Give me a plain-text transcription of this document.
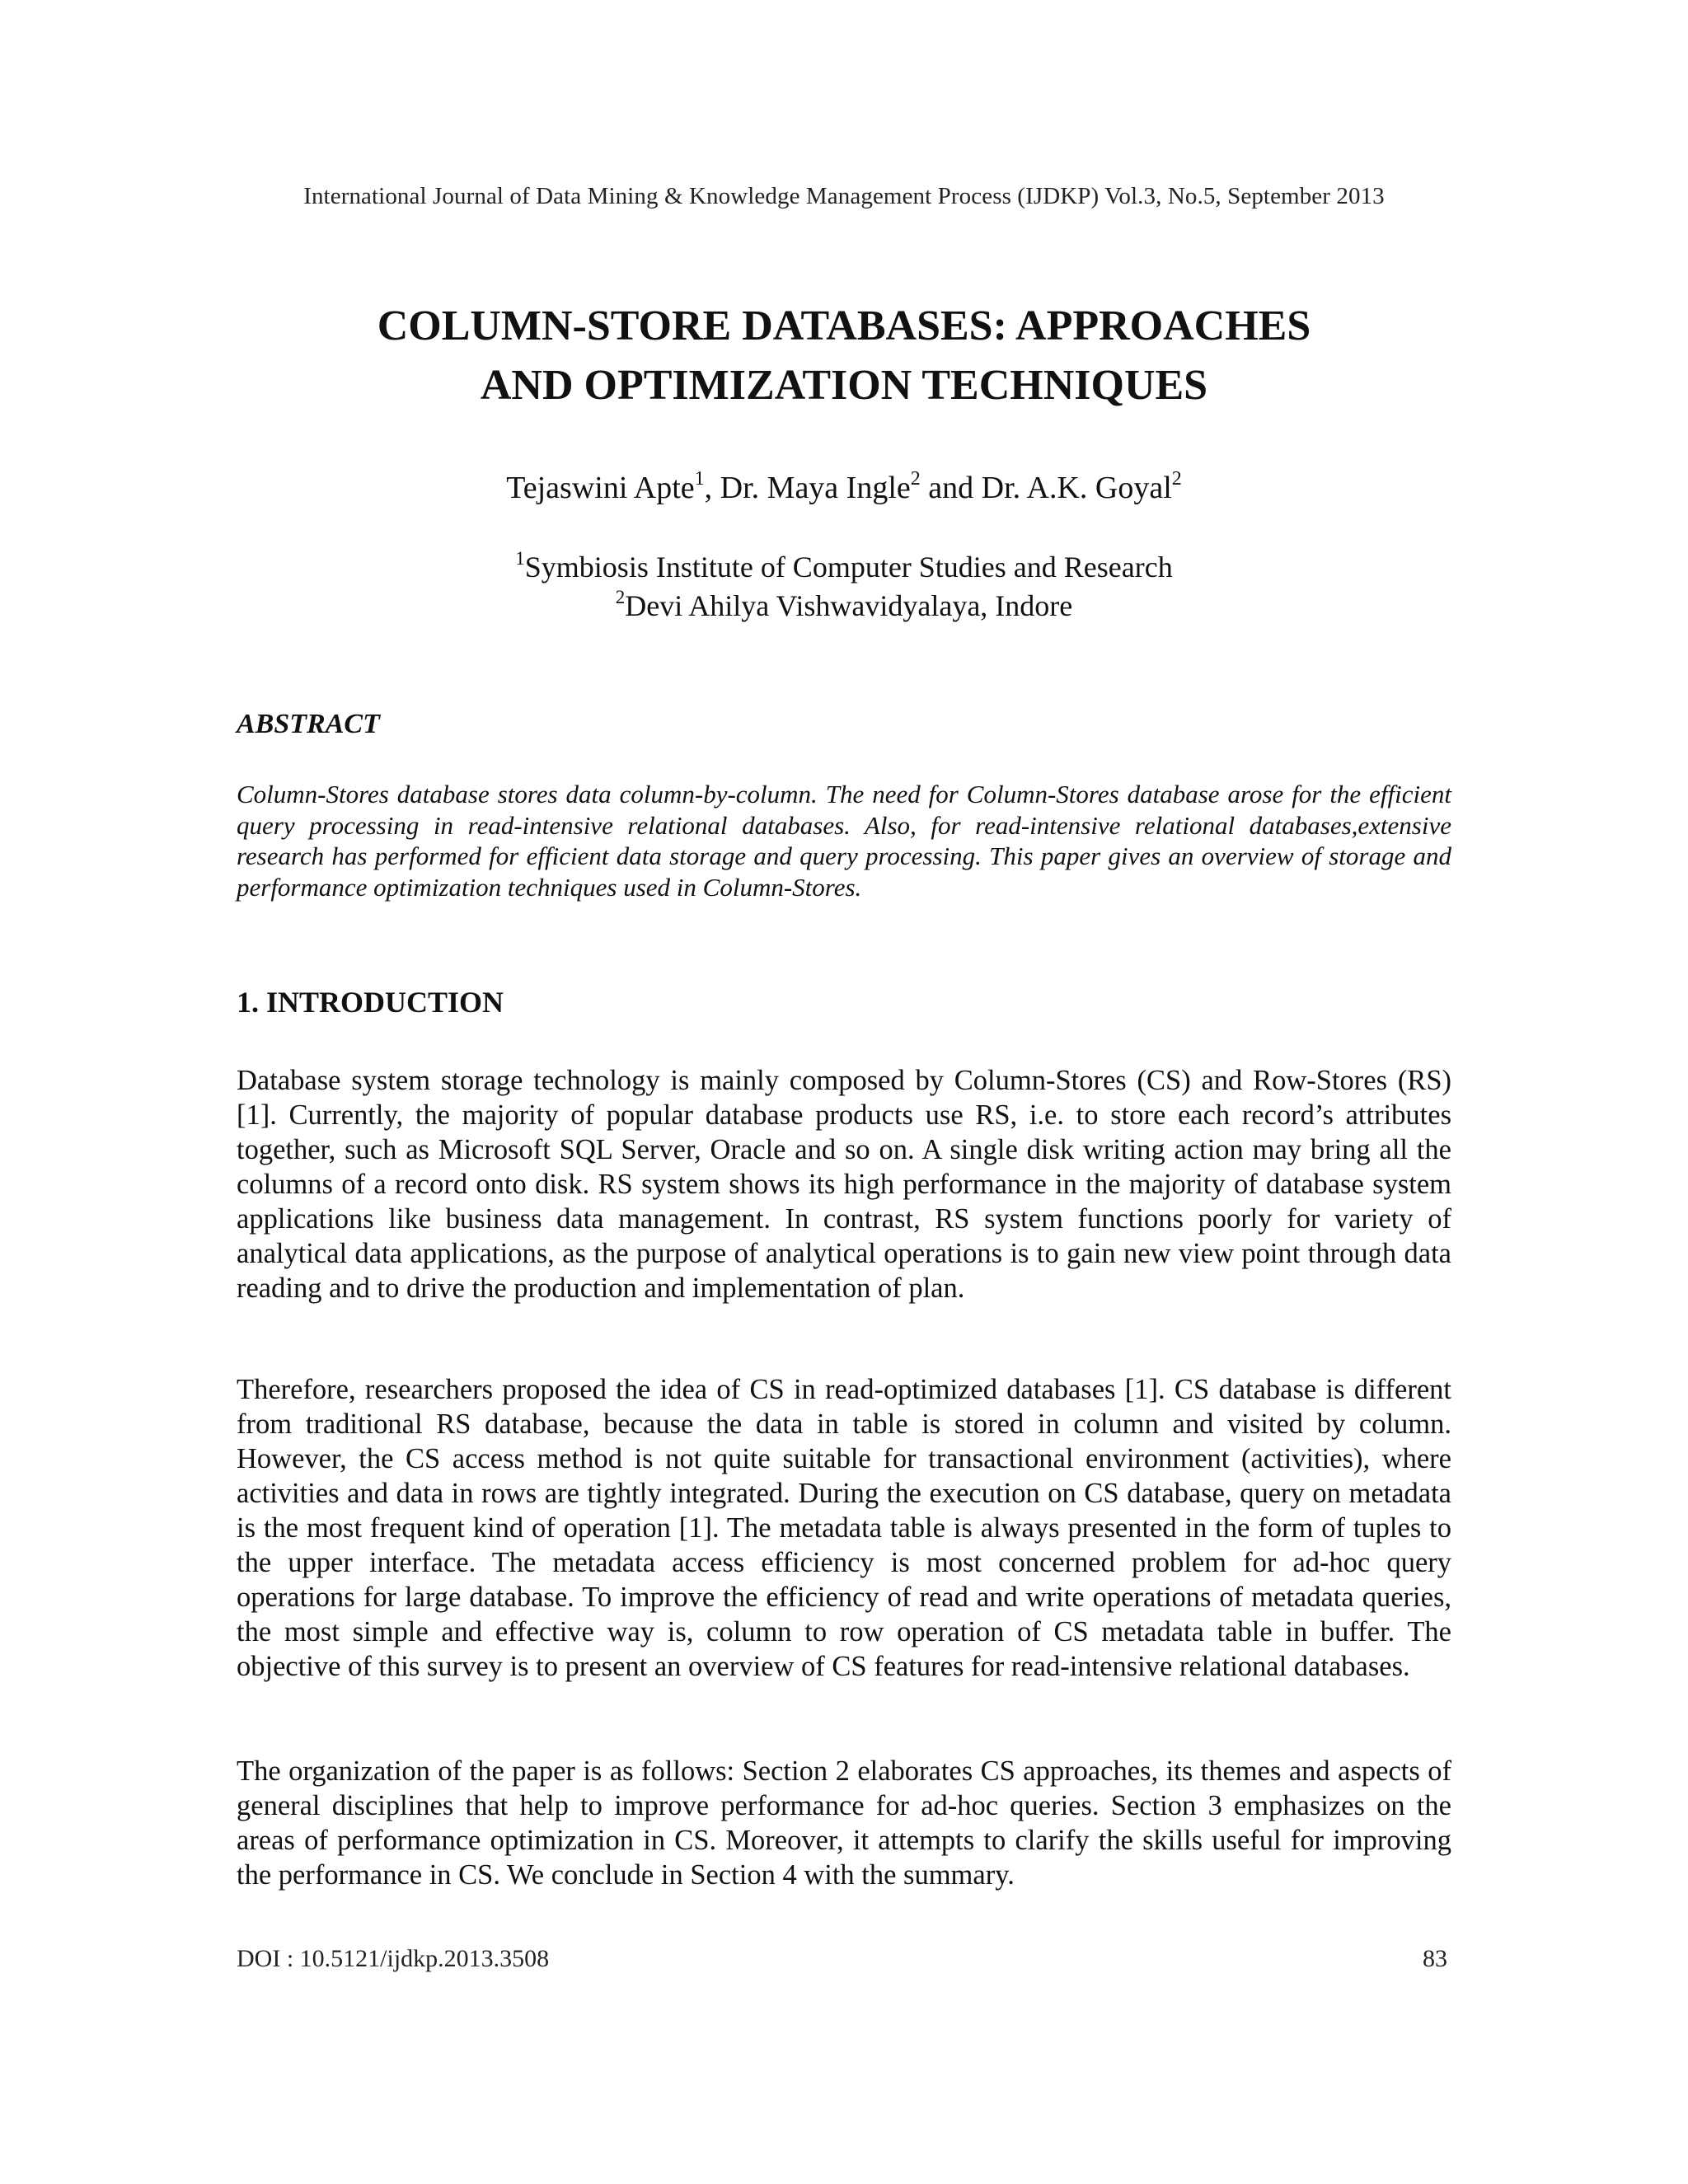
International Journal of Data Mining & Knowledge Management Process (IJDKP) Vol.3, No.5, September 2013
COLUMN-STORE DATABASES: APPROACHES
AND OPTIMIZATION TECHNIQUES
Tejaswini Apte$^1$, Dr. Maya Ingle$^2$ and Dr. A.K. Goyal$^2$
$^1$Symbiosis Institute of Computer Studies and Research
$^2$Devi Ahilya Vishwavidyalaya, Indore
ABSTRACT
Column-Stores database stores data column-by-column. The need for Column-Stores database arose for the efficient query processing in read-intensive relational databases. Also, for read-intensive relational databases,extensive research has performed for efficient data storage and query processing. This paper gives an overview of storage and performance optimization techniques used in Column-Stores.
1. INTRODUCTION

Database system storage technology is mainly composed by Column-Stores (CS) and Row-Stores (RS) [1]. Currently, the majority of popular database products use RS, i.e. to store each record’s attributes together, such as Microsoft SQL Server, Oracle and so on. A single disk writing action may bring all the columns of a record onto disk. RS system shows its high performance in the majority of database system applications like business data management. In contrast, RS system functions poorly for variety of analytical data applications, as the purpose of analytical operations is to gain new view point through data reading and to drive the production and implementation of plan.

Therefore, researchers proposed the idea of CS in read-optimized databases [1]. CS database is different from traditional RS database, because the data in table is stored in column and visited by column. However, the CS access method is not quite suitable for transactional environment (activities), where activities and data in rows are tightly integrated. During the execution on CS database, query on metadata is the most frequent kind of operation [1]. The metadata table is always presented in the form of tuples to the upper interface. The metadata access efficiency is most concerned problem for ad-hoc query operations for large database. To improve the efficiency of read and write operations of metadata queries, the most simple and effective way is, column to row operation of CS metadata table in buffer. The objective of this survey is to present an overview of CS features for read-intensive relational databases.

The organization of the paper is as follows: Section 2 elaborates CS approaches, its themes and aspects of general disciplines that help to improve performance for ad-hoc queries. Section 3 emphasizes on the areas of performance optimization in CS. Moreover, it attempts to clarify the skills useful for improving the performance in CS. We conclude in Section 4 with the summary.

DOI : 10.5121/ijdkp.2013.3508	83
